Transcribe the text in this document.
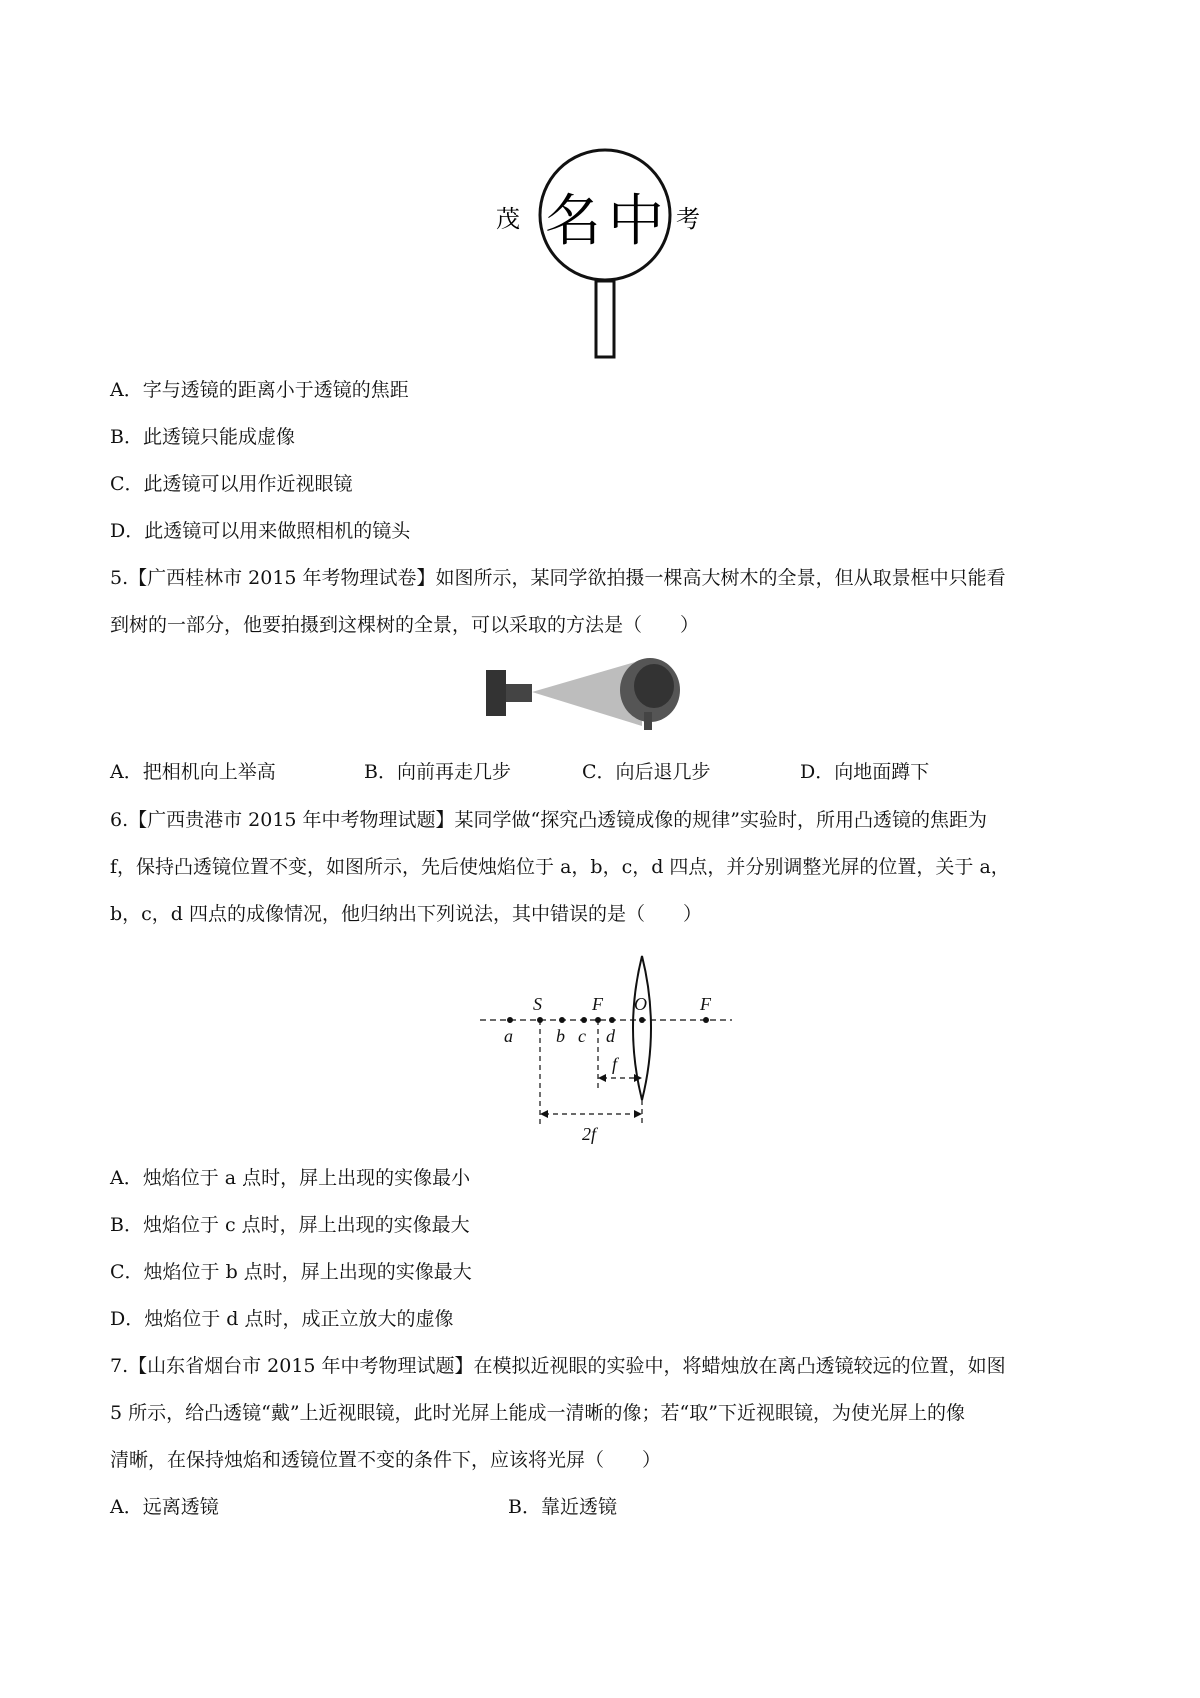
茂 名 中 考
A．字与透镜的距离小于透镜的焦距
B．此透镜只能成虚像
C．此透镜可以用作近视眼镜
D．此透镜可以用来做照相机的镜头
5.【广西桂林市 2015 年考物理试卷】如图所示，某同学欲拍摄一棵高大树木的全景，但从取景框中只能看
到树的一部分，他要拍摄到这棵树的全景，可以采取的方法是（　　）
A．把相机向上举高	B．向前再走几步	C．向后退几步	D．向地面蹲下
6.【广西贵港市 2015 年中考物理试题】某同学做“探究凸透镜成像的规律”实验时，所用凸透镜的焦距为
f，保持凸透镜位置不变，如图所示，先后使烛焰位于 a，b，c，d 四点，并分别调整光屏的位置，关于 a，
b，c，d 四点的成像情况，他归纳出下列说法，其中错误的是（　　）
S	F O	F
a b c d
f
2f
A．烛焰位于 a 点时，屏上出现的实像最小
B．烛焰位于 c 点时，屏上出现的实像最大
C．烛焰位于 b 点时，屏上出现的实像最大
D．烛焰位于 d 点时，成正立放大的虚像
7.【山东省烟台市 2015 年中考物理试题】在模拟近视眼的实验中，将蜡烛放在离凸透镜较远的位置，如图
5 所示，给凸透镜“戴”上近视眼镜，此时光屏上能成一清晰的像；若“取”下近视眼镜，为使光屏上的像
清晰，在保持烛焰和透镜位置不变的条件下，应该将光屏（　　）
A．远离透镜	B．靠近透镜
